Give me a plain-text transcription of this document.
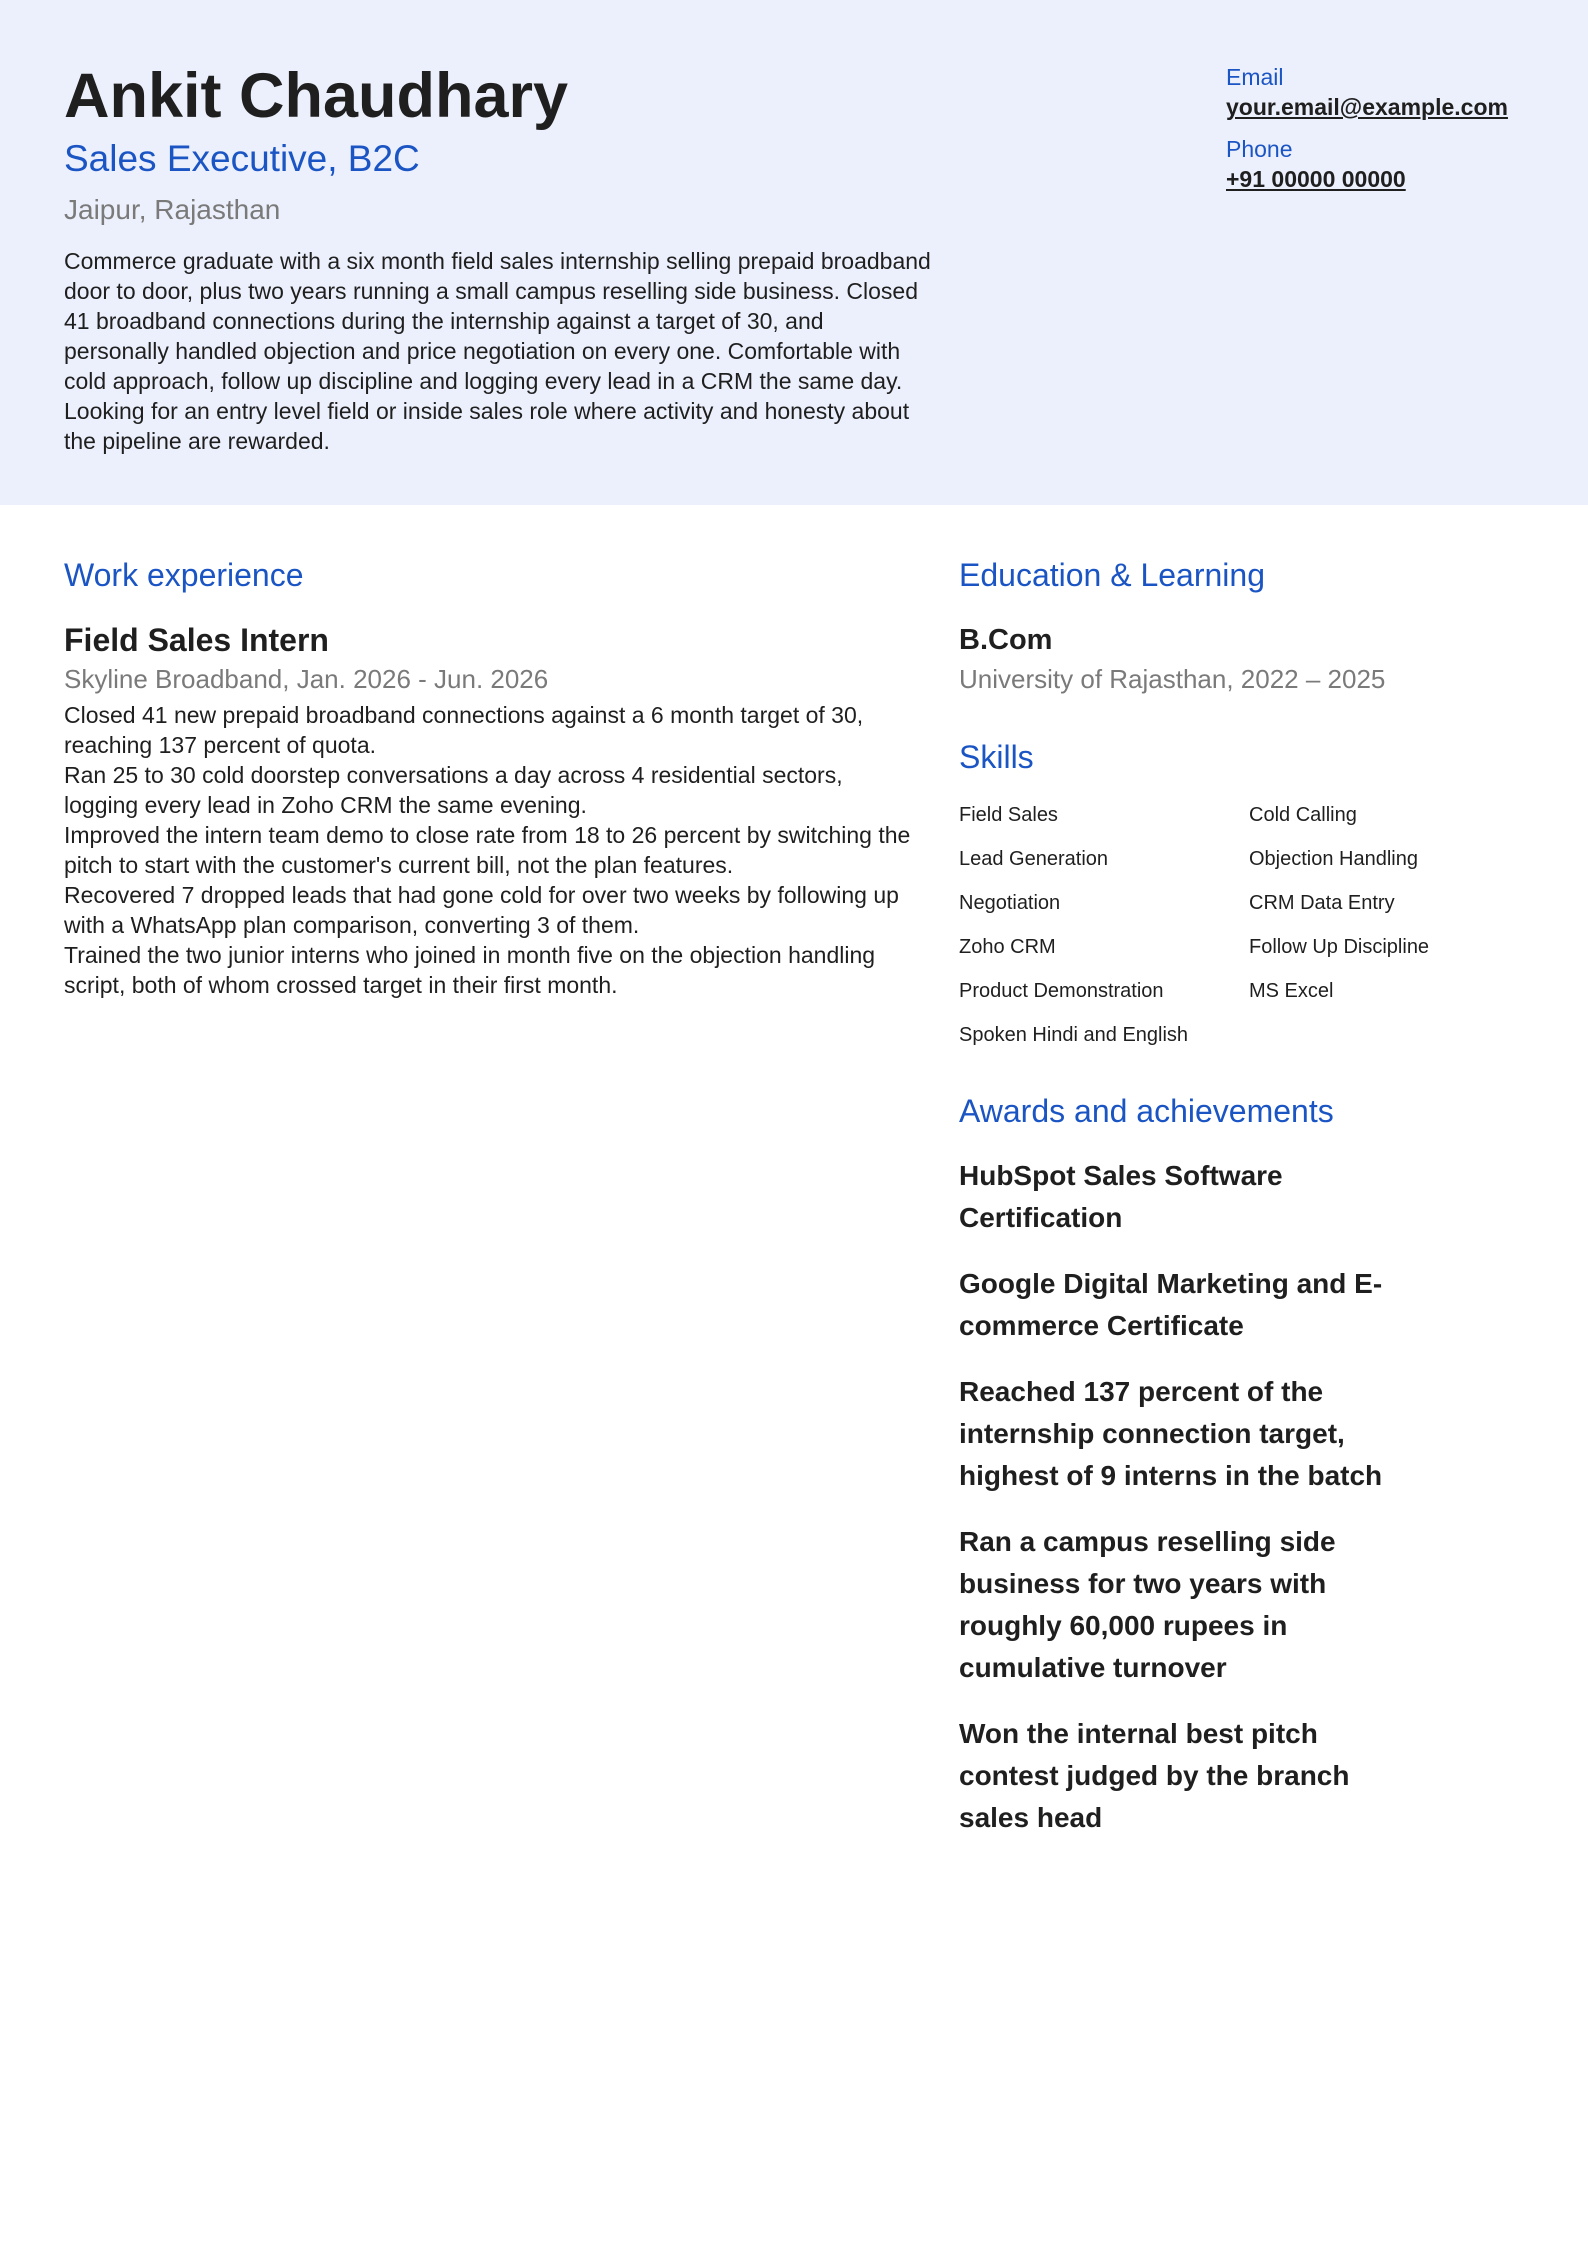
Ankit Chaudhary
Sales Executive, B2C
Jaipur, Rajasthan

Commerce graduate with a six month field sales internship selling prepaid broadband door to door, plus two years running a small campus reselling side business. Closed 41 broadband connections during the internship against a target of 30, and personally handled objection and price negotiation on every one. Comfortable with cold approach, follow up discipline and logging every lead in a CRM the same day. Looking for an entry level field or inside sales role where activity and honesty about the pipeline are rewarded.

Email
your.email@example.com
Phone
+91 00000 00000
Work experience
Field Sales Intern
Skyline Broadband, Jan. 2026 - Jun. 2026
Closed 41 new prepaid broadband connections against a 6 month target of 30, reaching 137 percent of quota.
Ran 25 to 30 cold doorstep conversations a day across 4 residential sectors, logging every lead in Zoho CRM the same evening.
Improved the intern team demo to close rate from 18 to 26 percent by switching the pitch to start with the customer's current bill, not the plan features.
Recovered 7 dropped leads that had gone cold for over two weeks by following up with a WhatsApp plan comparison, converting 3 of them.
Trained the two junior interns who joined in month five on the objection handling script, both of whom crossed target in their first month.
Education & Learning
B.Com
University of Rajasthan, 2022 – 2025
Skills
Field Sales	Cold Calling
Lead Generation	Objection Handling
Negotiation	CRM Data Entry
Zoho CRM	Follow Up Discipline
Product Demonstration	MS Excel
Spoken Hindi and English
Awards and achievements
HubSpot Sales Software Certification
Google Digital Marketing and E-commerce Certificate
Reached 137 percent of the internship connection target, highest of 9 interns in the batch
Ran a campus reselling side business for two years with roughly 60,000 rupees in cumulative turnover
Won the internal best pitch contest judged by the branch sales head
